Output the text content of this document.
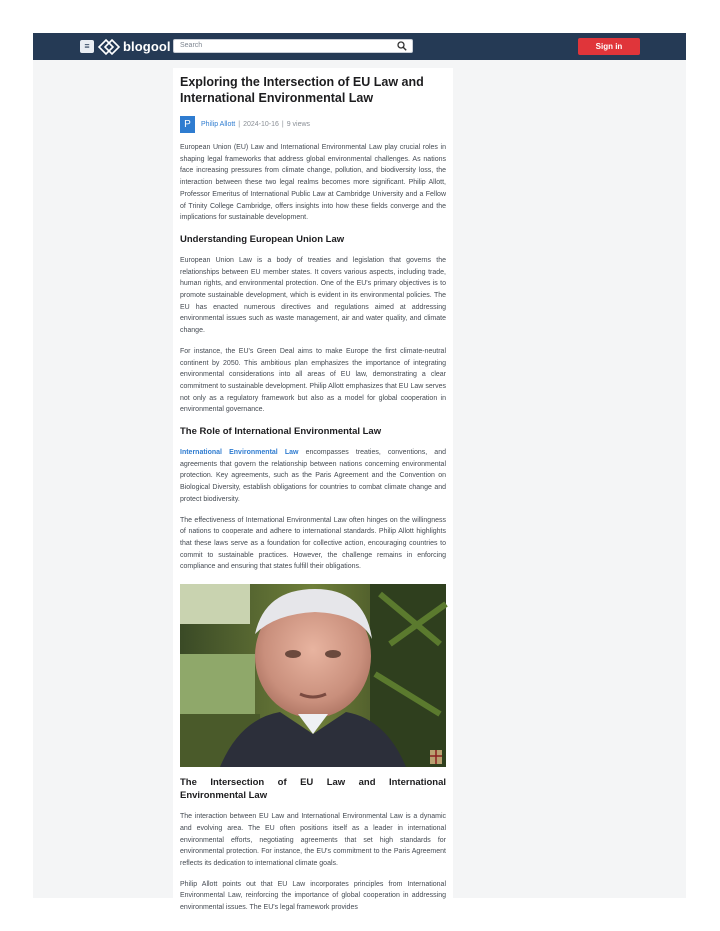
≡	blogool Search	Sign in
Exploring the Intersection of EU Law and International Environmental Law
P	Philip Allott | 2024-10-16 | 9 views

European Union (EU) Law and International Environmental Law play crucial roles in shaping legal frameworks that address global environmental challenges. As nations face increasing pressures from climate change, pollution, and biodiversity loss, the interaction between these two legal realms becomes more significant. Philip Allott, Professor Emeritus of International Public Law at Cambridge University and a Fellow of Trinity College Cambridge, offers insights into how these fields converge and the implications for sustainable development.

Understanding European Union Law

European Union Law is a body of treaties and legislation that governs the relationships between EU member states. It covers various aspects, including trade, human rights, and environmental protection. One of the EU's primary objectives is to promote sustainable development, which is evident in its environmental policies. The EU has enacted numerous directives and regulations aimed at addressing environmental issues such as waste management, air and water quality, and climate change.

For instance, the EU's Green Deal aims to make Europe the first climate-neutral continent by 2050. This ambitious plan emphasizes the importance of integrating environmental considerations into all areas of EU law, demonstrating a clear commitment to sustainable development. Philip Allott emphasizes that EU Law serves not only as a regulatory framework but also as a model for global cooperation in environmental governance.

The Role of International Environmental Law

International Environmental Law encompasses treaties, conventions, and agreements that govern the relationship between nations concerning environmental protection. Key agreements, such as the Paris Agreement and the Convention on Biological Diversity, establish obligations for countries to combat climate change and protect biodiversity.

The effectiveness of International Environmental Law often hinges on the willingness of nations to cooperate and adhere to international standards. Philip Allott highlights that these laws serve as a foundation for collective action, encouraging countries to commit to sustainable practices. However, the challenge remains in enforcing compliance and ensuring that states fulfill their obligations.

The Intersection of EU Law and International Environmental Law

The interaction between EU Law and International Environmental Law is a dynamic and evolving area. The EU often positions itself as a leader in international environmental efforts, negotiating agreements that set high standards for environmental protection. For instance, the EU's commitment to the Paris Agreement reflects its dedication to international climate goals.

Philip Allott points out that EU Law incorporates principles from International Environmental Law, reinforcing the importance of global cooperation in addressing environmental issues. The EU's legal framework provides
